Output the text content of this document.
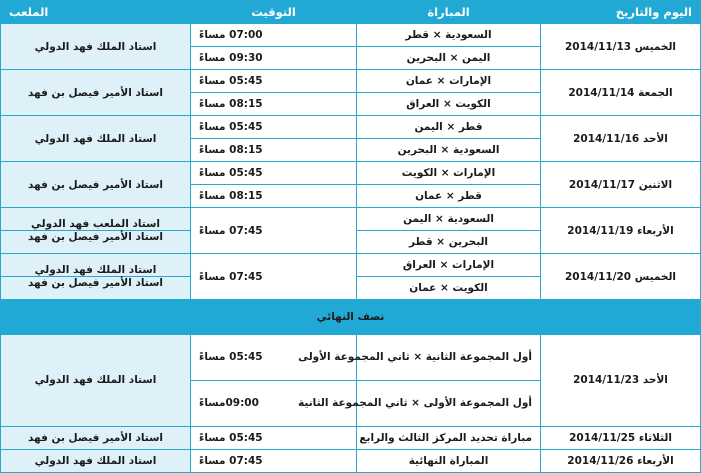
اليوم والتاريخ	المباراة	التوقيت	الملعب
الخميس 2014/11/13	السعودية × قطر	07:00 مساءً	استاد الملك فهد الدولي
	اليمن × البحرين	09:30 مساءً	
الجمعة 2014/11/14	الإمارات × عمان	05:45 مساءً	استاد الأمير فيصل بن فهد
	الكويت × العراق	08:15 مساءً	
الأحد 2014/11/16	قطر × اليمن	05:45 مساءً	استاد الملك فهد الدولي
	السعودية × البحرين	08:15 مساءً	
الاثنين 2014/11/17	الإمارات × الكويت	05:45 مساءً	استاد الأمير فيصل بن فهد
	قطر × عمان	08:15 مساءً	
الأربعاء 2014/11/19	السعودية × اليمن	07:45 مساءً	استاد الملعب فهد الدولي
	البحرين × قطر		استاد الأمير فيصل بن فهد
الخميس 2014/11/20	الإمارات × العراق	07:45 مساءً	استاد الملك فهد الدولي
	الكويت × عمان		استاد الأمير فيصل بن فهد
نصف النهائي			
الأحد 2014/11/23	أول المجموعة الثانية × ثاني المجموعة الأولى	05:45 مساءً	استاد الملك فهد الدولي
	أول المجموعة الأولى × ثاني المجموعة الثانية	09:00مساءً	
الثلاثاء 2014/11/25	مباراة تحديد المركز الثالث والرابع	05:45 مساءً	استاد الأمير فيصل بن فهد
الأربعاء 2014/11/26	المباراة النهائية	07:45 مساءً	استاد الملك فهد الدولي
